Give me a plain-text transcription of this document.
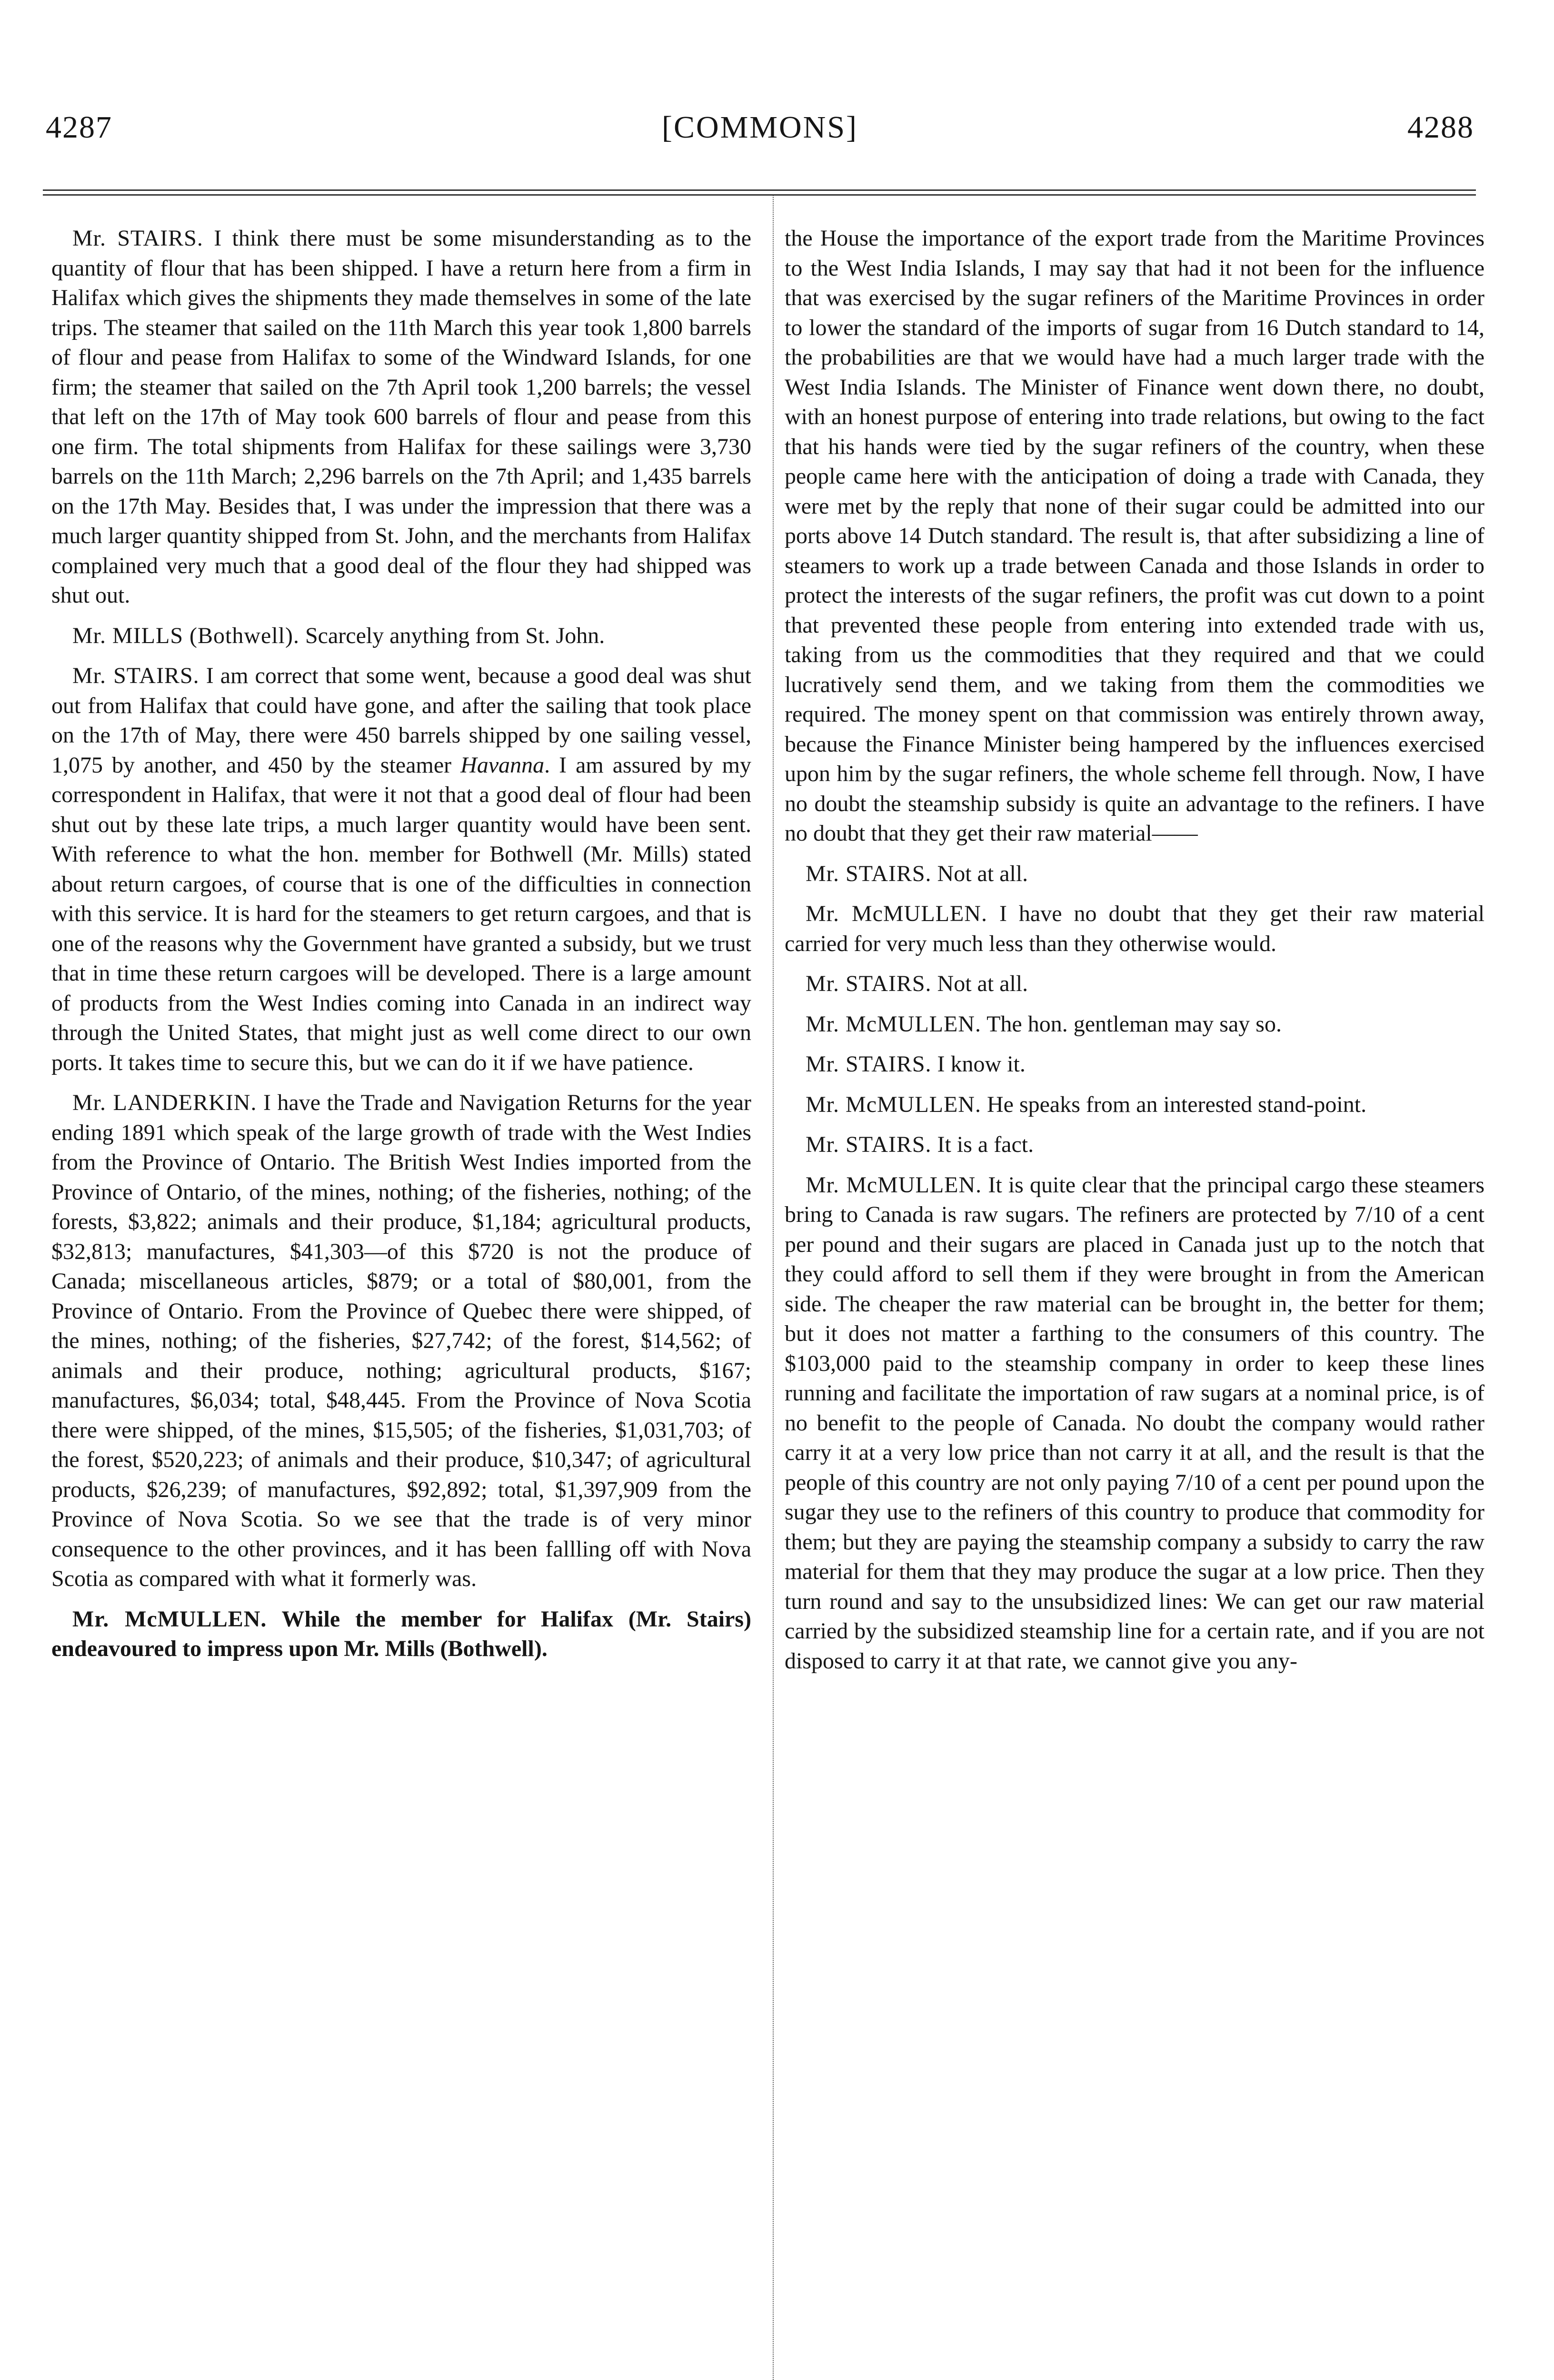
4287	[COMMONS]	4288

Mr. STAIRS. I think there must be some misunderstanding as to the quantity of flour that has been shipped. I have a return here from a firm in Halifax which gives the shipments they made themselves in some of the late trips. The steamer that sailed on the 11th March this year took 1,800 barrels of flour and pease from Halifax to some of the Windward Islands, for one firm; the steamer that sailed on the 7th April took 1,200 barrels; the vessel that left on the 17th of May took 600 barrels of flour and pease from this one firm. The total shipments from Halifax for these sailings were 3,730 barrels on the 11th March; 2,296 barrels on the 7th April; and 1,435 barrels on the 17th May. Besides that, I was under the impression that there was a much larger quantity shipped from St. John, and the merchants from Halifax complained very much that a good deal of the flour they had shipped was shut out.

Mr. MILLS (Bothwell). Scarcely anything from St. John.

Mr. STAIRS. I am correct that some went, because a good deal was shut out from Halifax that could have gone, and after the sailing that took place on the 17th of May, there were 450 barrels shipped by one sailing vessel, 1,075 by another, and 450 by the steamer Havanna. I am assured by my correspondent in Halifax, that were it not that a good deal of flour had been shut out by these late trips, a much larger quantity would have been sent. With reference to what the hon. member for Bothwell (Mr. Mills) stated about return cargoes, of course that is one of the difficulties in connection with this service. It is hard for the steamers to get return cargoes, and that is one of the reasons why the Government have granted a subsidy, but we trust that in time these return cargoes will be developed. There is a large amount of products from the West Indies coming into Canada in an indirect way through the United States, that might just as well come direct to our own ports. It takes time to secure this, but we can do it if we have patience.

Mr. LANDERKIN. I have the Trade and Navigation Returns for the year ending 1891 which speak of the large growth of trade with the West Indies from the Province of Ontario. The British West Indies imported from the Province of Ontario, of the mines, nothing; of the fisheries, nothing; of the forests, $3,822; animals and their produce, $1,184; agricultural products, $32,813; manufactures, $41,303—of this $720 is not the produce of Canada; miscellaneous articles, $879; or a total of $80,001, from the Province of Ontario. From the Province of Quebec there were shipped, of the mines, nothing; of the fisheries, $27,742; of the forest, $14,562; of animals and their produce, nothing; agricultural products, $167; manufactures, $6,034; total, $48,445. From the Province of Nova Scotia there were shipped, of the mines, $15,505; of the fisheries, $1,031,703; of the forest, $520,223; of animals and their produce, $10,347; of agricultural products, $26,239; of manufactures, $92,892; total, $1,397,909 from the Province of Nova Scotia. So we see that the trade is of very minor consequence to the other provinces, and it has been fallling off with Nova Scotia as compared with what it formerly was.

Mr. McMULLEN. While the member for Halifax (Mr. Stairs) endeavoured to impress upon Mr. Mills (Bothwell).

the House the importance of the export trade from the Maritime Provinces to the West India Islands, I may say that had it not been for the influence that was exercised by the sugar refiners of the Maritime Provinces in order to lower the standard of the imports of sugar from 16 Dutch standard to 14, the probabilities are that we would have had a much larger trade with the West India Islands. The Minister of Finance went down there, no doubt, with an honest purpose of entering into trade relations, but owing to the fact that his hands were tied by the sugar refiners of the country, when these people came here with the anticipation of doing a trade with Canada, they were met by the reply that none of their sugar could be admitted into our ports above 14 Dutch standard. The result is, that after subsidizing a line of steamers to work up a trade between Canada and those Islands in order to protect the interests of the sugar refiners, the profit was cut down to a point that prevented these people from entering into extended trade with us, taking from us the commodities that they required and that we could lucratively send them, and we taking from them the commodities we required. The money spent on that commission was entirely thrown away, because the Finance Minister being hampered by the influences exercised upon him by the sugar refiners, the whole scheme fell through. Now, I have no doubt the steamship subsidy is quite an advantage to the refiners. I have no doubt that they get their raw material——

Mr. STAIRS. Not at all.

Mr. McMULLEN. I have no doubt that they get their raw material carried for very much less than they otherwise would.

Mr. STAIRS. Not at all.

Mr. McMULLEN. The hon. gentleman may say so.

Mr. STAIRS. I know it.

Mr. McMULLEN. He speaks from an interested stand-point.

Mr. STAIRS. It is a fact.

Mr. McMULLEN. It is quite clear that the principal cargo these steamers bring to Canada is raw sugars. The refiners are protected by 7/10 of a cent per pound and their sugars are placed in Canada just up to the notch that they could afford to sell them if they were brought in from the American side. The cheaper the raw material can be brought in, the better for them; but it does not matter a farthing to the consumers of this country. The $103,000 paid to the steamship company in order to keep these lines running and facilitate the importation of raw sugars at a nominal price, is of no benefit to the people of Canada. No doubt the company would rather carry it at a very low price than not carry it at all, and the result is that the people of this country are not only paying 7/10 of a cent per pound upon the sugar they use to the refiners of this country to produce that commodity for them; but they are paying the steamship company a subsidy to carry the raw material for them that they may produce the sugar at a low price. Then they turn round and say to the unsubsidized lines: We can get our raw material carried by the subsidized steamship line for a certain rate, and if you are not disposed to carry it at that rate, we cannot give you any-
